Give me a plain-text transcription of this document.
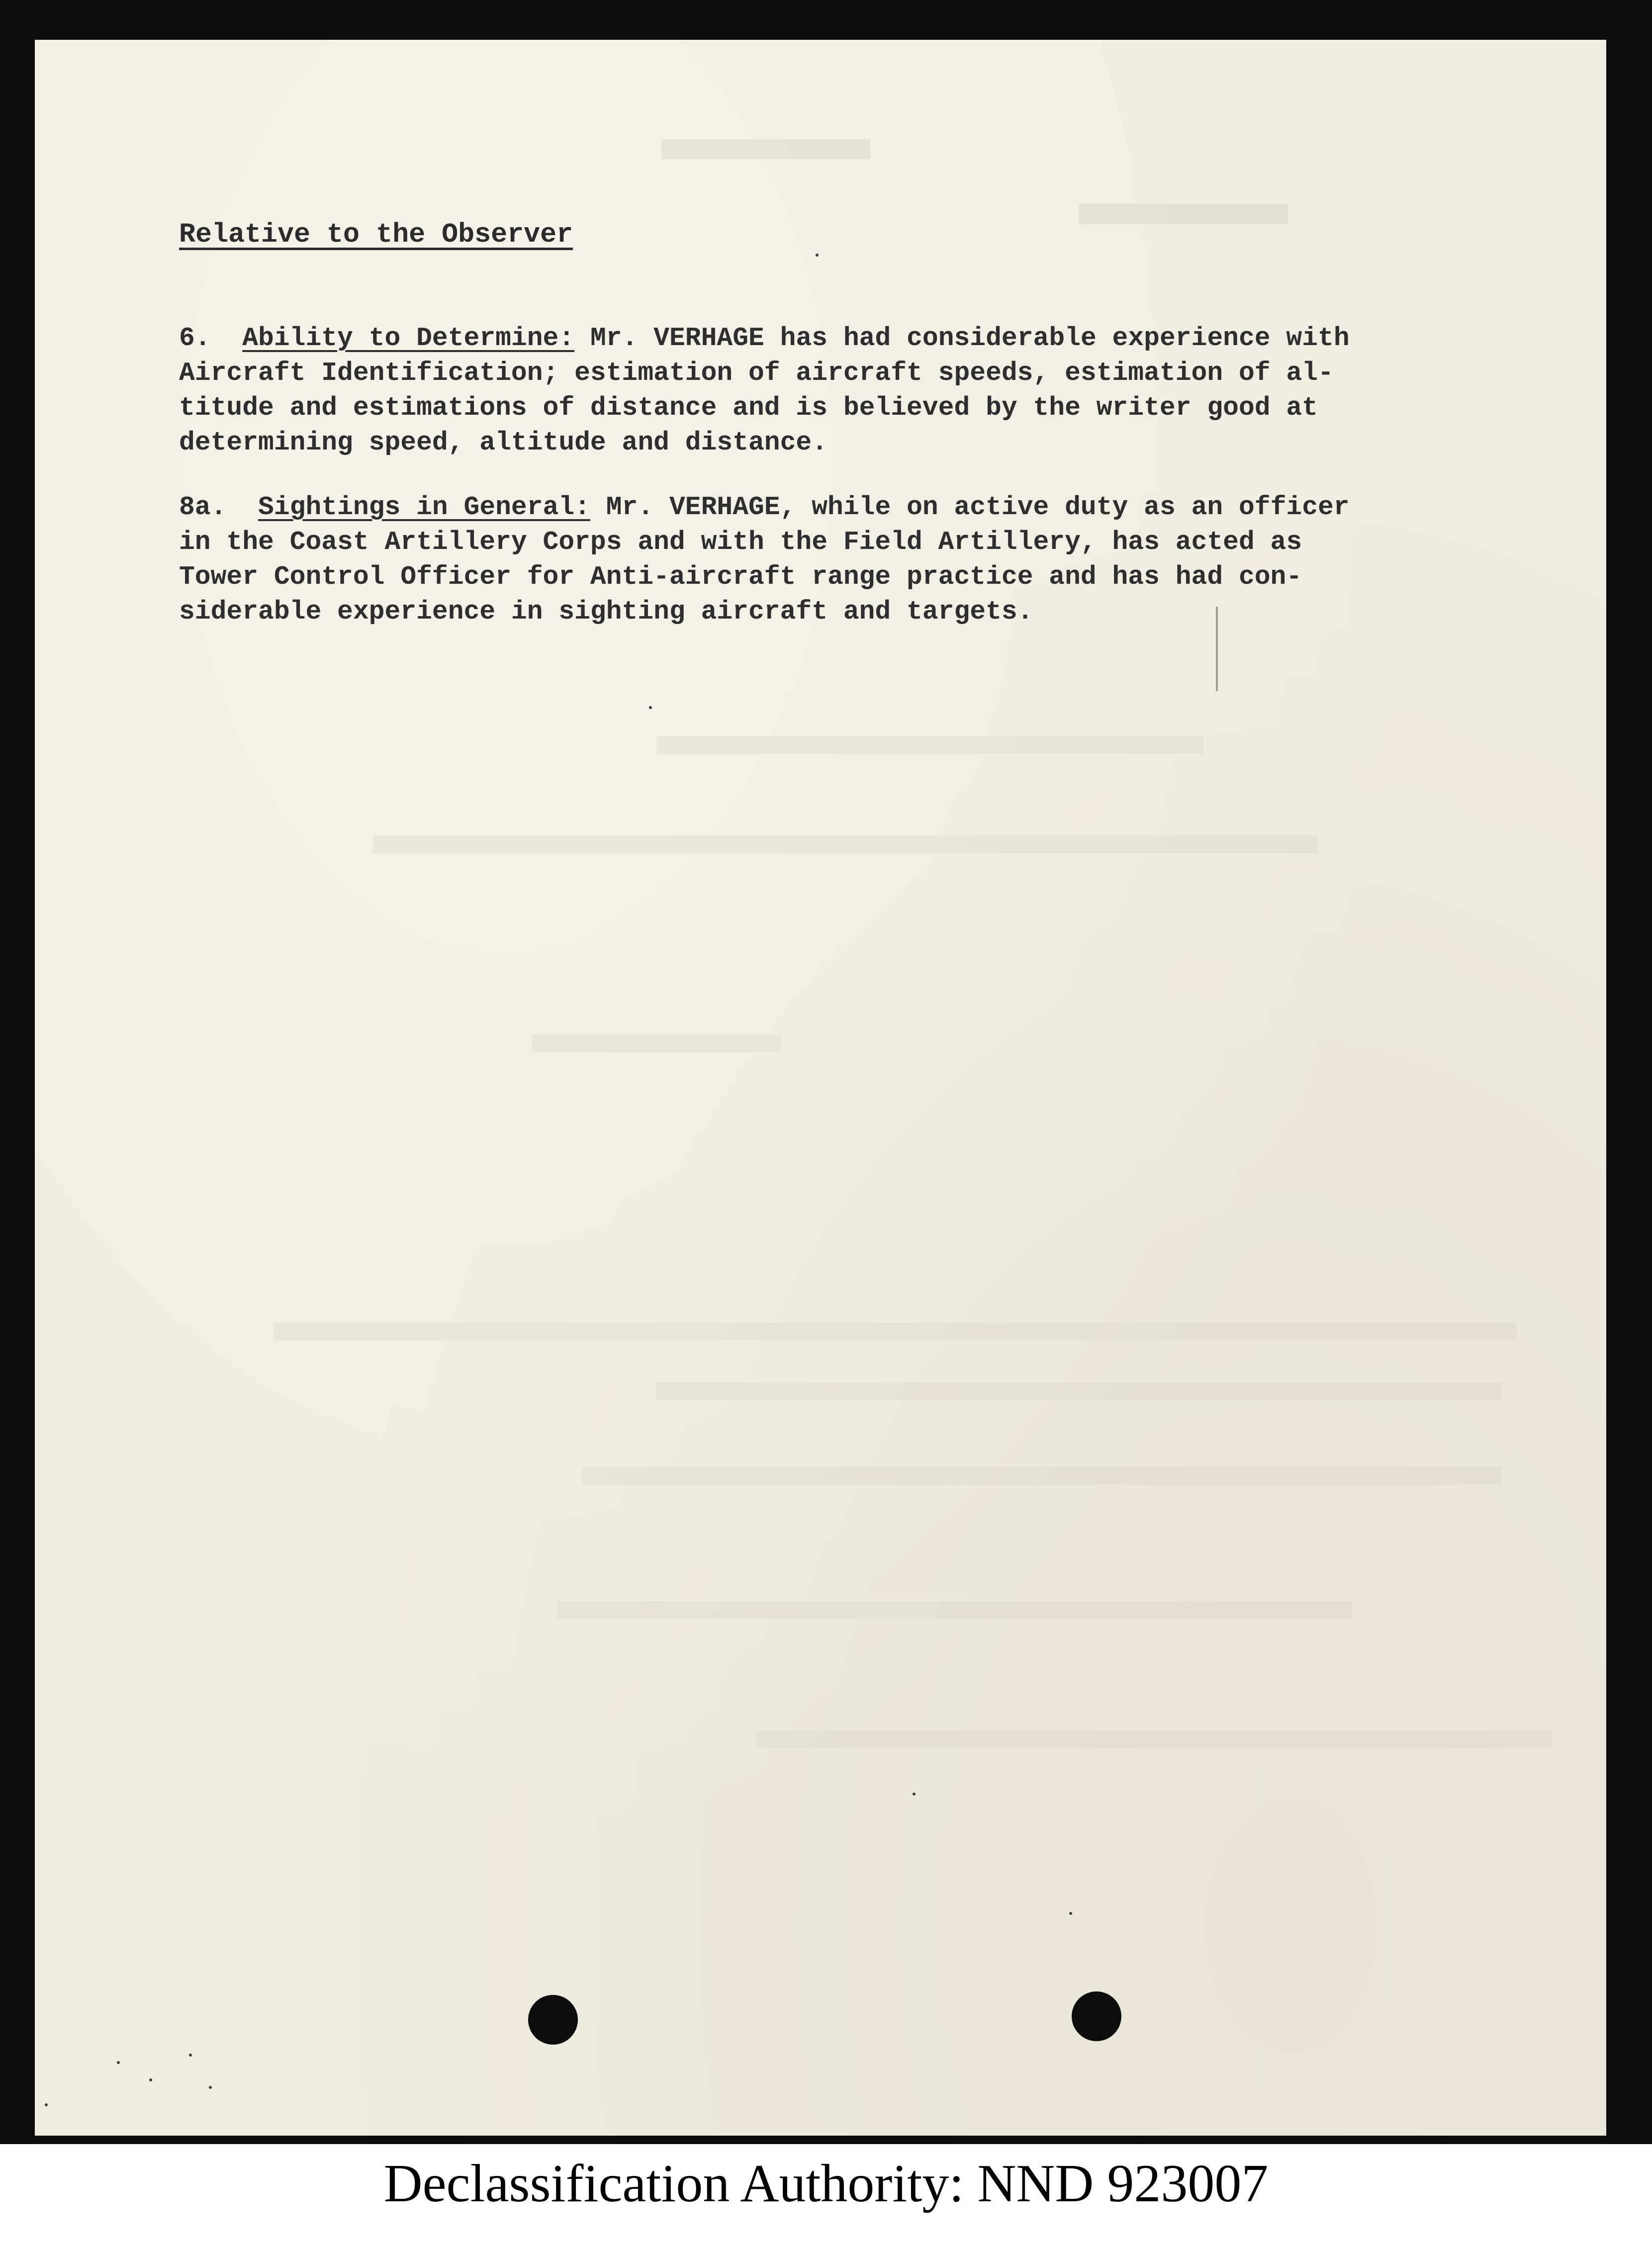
Relative to the Observer
6. Ability to Determine: Mr. VERHAGE has had considerable experience with
Aircraft Identification; estimation of aircraft speeds, estimation of al-
titude and estimations of distance and is believed by the writer good at
determining speed, altitude and distance.
8a. Sightings in General: Mr. VERHAGE, while on active duty as an officer
in the Coast Artillery Corps and with the Field Artillery, has acted as
Tower Control Officer for Anti-aircraft range practice and has had con-
siderable experience in sighting aircraft and targets.
Declassification Authority: NND 923007
